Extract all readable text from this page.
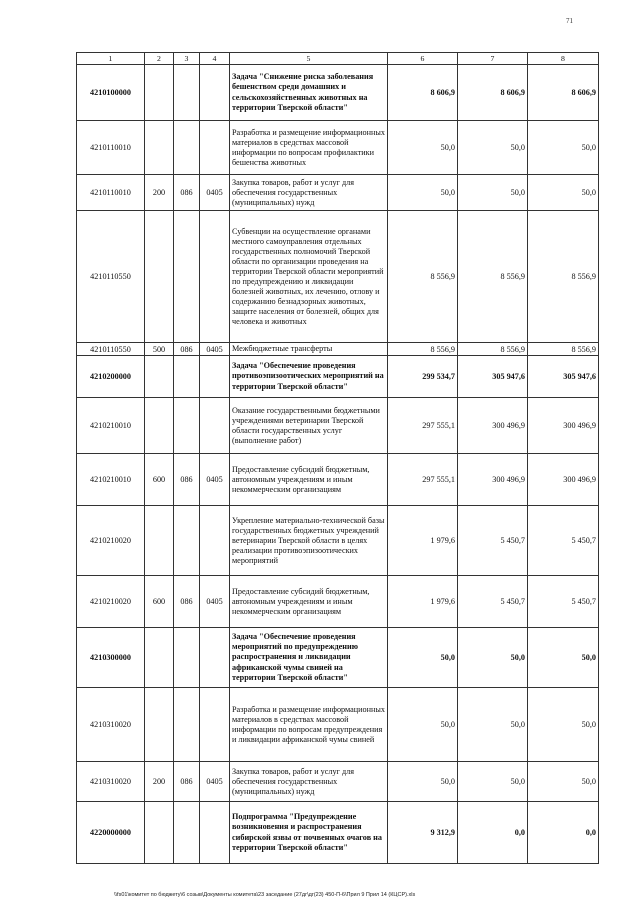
71
1	2	3	4	5	6	7	8
4210100000				Задача "Снижение риска заболевания бешенством среди домашних и сельскохозяйственных животных на территории Тверской области"	8 606,9	8 606,9	8 606,9
4210110010				Разработка и размещение информационных материалов в средствах массовой информации по вопросам профилактики бешенства животных	50,0	50,0	50,0
4210110010	200	086	0405	Закупка товаров, работ и услуг для обеспечения государственных (муниципальных) нужд	50,0	50,0	50,0
4210110550				Субвенции на осуществление органами местного самоуправления отдельных государственных полномочий Тверской области по организации проведения на территории Тверской области мероприятий по предупреждению и ликвидации болезней животных, их лечению, отлову и содержанию безнадзорных животных, защите населения от болезней, общих для человека и животных	8 556,9	8 556,9	8 556,9
4210110550	500	086	0405	Межбюджетные трансферты	8 556,9	8 556,9	8 556,9
4210200000				Задача "Обеспечение проведения противоэпизоотических мероприятий на территории Тверской области"	299 534,7	305 947,6	305 947,6
4210210010				Оказание государственными бюджетными учреждениями ветеринарии Тверской области государственных услуг (выполнение работ)	297 555,1	300 496,9	300 496,9
4210210010	600	086	0405	Предоставление субсидий бюджетным, автономным учреждениям и иным некоммерческим организациям	297 555,1	300 496,9	300 496,9
4210210020				Укрепление материально-технической базы государственных бюджетных учреждений ветеринарии Тверской области в целях реализации противоэпизоотических мероприятий	1 979,6	5 450,7	5 450,7
4210210020	600	086	0405	Предоставление субсидий бюджетным, автономным учреждениям и иным некоммерческим организациям	1 979,6	5 450,7	5 450,7
4210300000				Задача "Обеспечение проведения мероприятий по предупреждению распространения и ликвидации африканской чумы свиней на территории Тверской области"	50,0	50,0	50,0
4210310020				Разработка и размещение информационных материалов в средствах массовой информации по вопросам предупреждения и ликвидации африканской чумы свиней	50,0	50,0	50,0
4210310020	200	086	0405	Закупка товаров, работ и услуг для обеспечения государственных (муниципальных) нужд	50,0	50,0	50,0
4220000000				Подпрограмма "Предупреждение возникновения и распространения сибирской язвы от почвенных очагов на территории Тверской области"	9 312,9	0,0	0,0
\\fs01\комитет по бюджету\6 созыв\Документы комитета\23 заседание (27дг\дг(23) 450-П-6\Прил 9 Прил 14 (КЦСР).xls
